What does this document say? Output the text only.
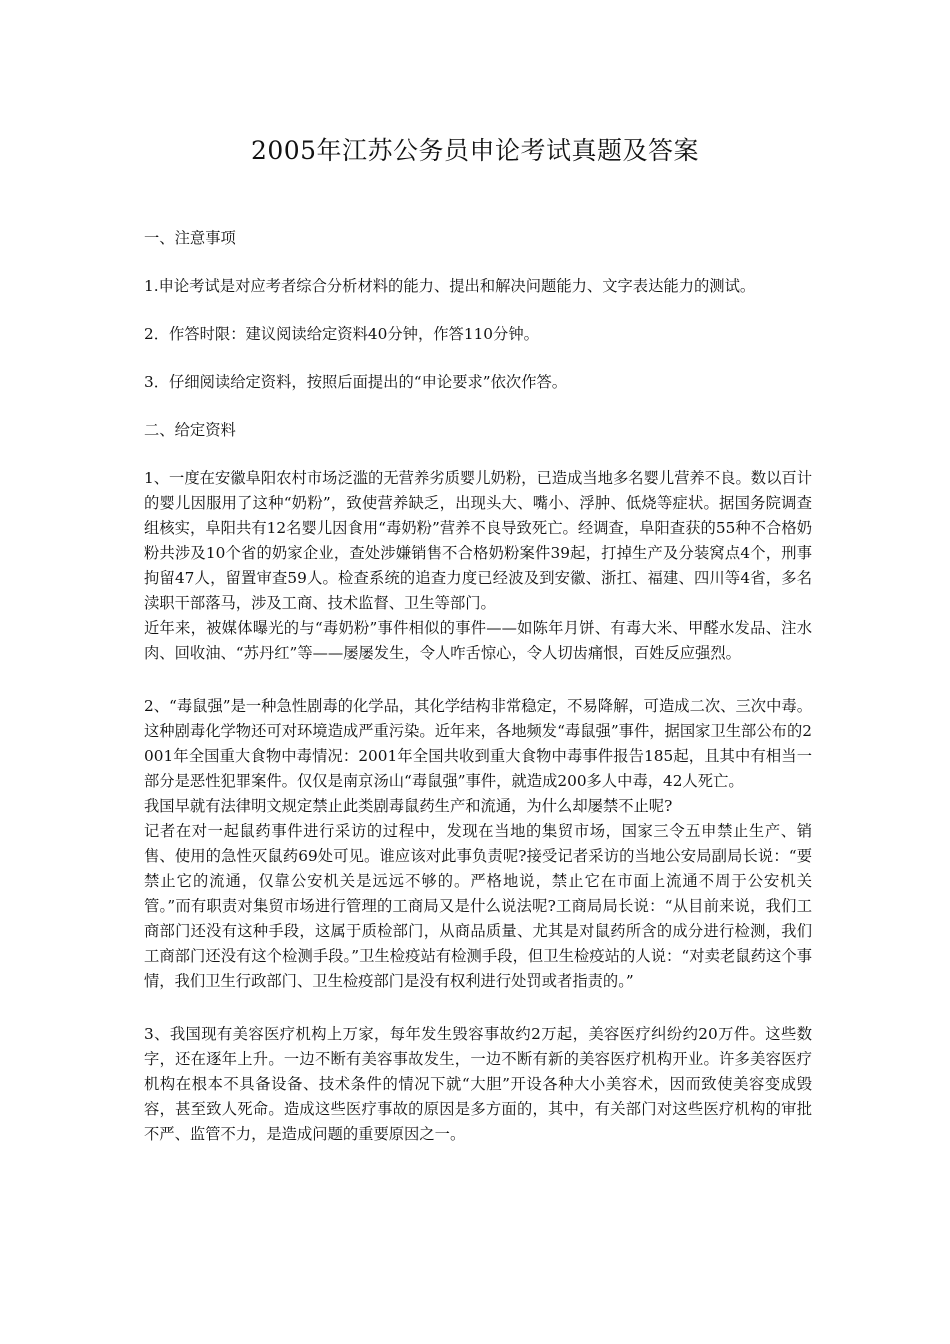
2005年江苏公务员申论考试真题及答案

一、注意事项

1.申论考试是对应考者综合分析材料的能力、提出和解决问题能力、文字表达能力的测试。

2．作答时限：建议阅读给定资料40分钟，作答110分钟。

3．仔细阅读给定资料，按照后面提出的“申论要求”依次作答。

二、给定资料

1、一度在安徽阜阳农村市场泛滥的无营养劣质婴儿奶粉，已造成当地多名婴儿营养不良。数以百计的婴儿因服用了这种“奶粉”，致使营养缺乏，出现头大、嘴小、浮肿、低烧等症状。据国务院调查组核实，阜阳共有12名婴儿因食用“毒奶粉”营养不良导致死亡。经调查，阜阳查获的55种不合格奶粉共涉及10个省的奶家企业，查处涉嫌销售不合格奶粉案件39起，打掉生产及分装窝点4个，刑事拘留47人，留置审查59人。检查系统的追查力度已经波及到安徽、浙扛、福建、四川等4省，多名渎职干部落马，涉及工商、技术监督、卫生等部门。

近年来，被媒体曝光的与“毒奶粉”事件相似的事件——如陈年月饼、有毒大米、甲醛水发品、注水肉、回收油、“苏丹红”等——屡屡发生，令人咋舌惊心，令人切齿痛恨，百姓反应强烈。

2、“毒鼠强”是一种急性剧毒的化学品，其化学结构非常稳定，不易降解，可造成二次、三次中毒。这种剧毒化学物还可对环境造成严重污染。近年来，各地频发“毒鼠强”事件，据国家卫生部公布的2001年全国重大食物中毒情况：2001年全国共收到重大食物中毒事件报告185起，且其中有相当一部分是恶性犯罪案件。仅仅是南京汤山“毒鼠强”事件，就造成200多人中毒，42人死亡。

我国早就有法律明文规定禁止此类剧毒鼠药生产和流通，为什么却屡禁不止呢?

记者在对一起鼠药事件进行采访的过程中，发现在当地的集贸市场，国家三令五申禁止生产、销售、使用的急性灭鼠药69处可见。谁应该对此事负责呢?接受记者采访的当地公安局副局长说：“要禁止它的流通，仅靠公安机关是远远不够的。严格地说，禁止它在市面上流通不周于公安机关管。”而有职责对集贸市场进行管理的工商局又是什么说法呢?工商局局长说：“从目前来说，我们工商部门还没有这种手段，这属于质检部门，从商品质量、尤其是对鼠药所含的成分进行检测，我们工商部门还没有这个检测手段。”卫生检疫站有检测手段，但卫生检疫站的人说：“对卖老鼠药这个事情，我们卫生行政部门、卫生检疫部门是没有权利进行处罚或者指责的。”

3、我国现有美容医疗机构上万家，每年发生毁容事故约2万起，美容医疗纠纷约20万件。这些数字，还在逐年上升。一边不断有美容事故发生，一边不断有新的美容医疗机构开业。许多美容医疗机构在根本不具备设备、技术条件的情况下就“大胆”开设各种大小美容术，因而致使美容变成毁容，甚至致人死命。造成这些医疗事故的原因是多方面的，其中，有关部门对这些医疗机构的审批不严、监管不力，是造成问题的重要原因之一。
